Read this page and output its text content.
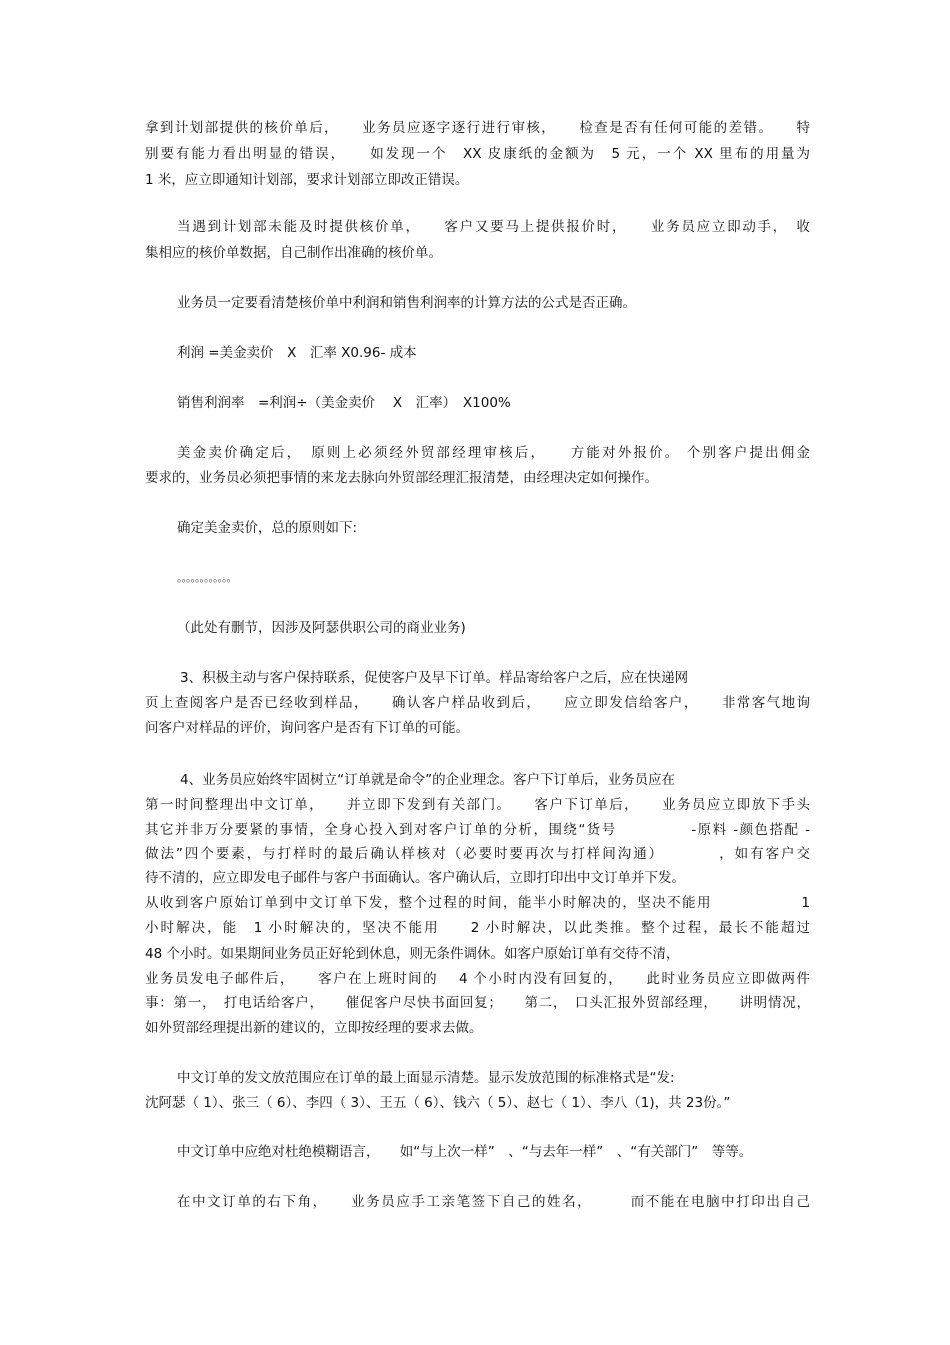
拿到计划部提供的核价单后，　　业务员应逐字逐行进行审核，　　检查是否有任何可能的差错。　　特
别要有能力看出明显的错误，　　如发现一个　XX 皮康纸的金额为　5 元，一个 XX 里布的用量为
1 米，应立即通知计划部，要求计划部立即改正错误。
当遇到计划部未能及时提供核价单，　　客户又要马上提供报价时，　　业务员应立即动手，　收
集相应的核价单数据，自己制作出准确的核价单。
业务员一定要看清楚核价单中利润和销售利润率的计算方法的公式是否正确。
利润 =美金卖价　X　汇率 X0.96- 成本
销售利润率　=利润÷（美金卖价　 X　汇率）　X100%
美金卖价确定后，　原则上必须经外贸部经理审核后，　　方能对外报价。 个别客户提出佣金
要求的，业务员必须把事情的来龙去脉向外贸部经理汇报清楚，由经理决定如何操作。
确定美金卖价，总的原则如下:
。。。。。。。。。。。。
（此处有删节，因涉及阿瑟供职公司的商业业务)
3、积极主动与客户保持联系，促使客户及早下订单。样品寄给客户之后，应在快递网
页上查阅客户是否已经收到样品，　　确认客户样品收到后，　　应立即发信给客户，　　非常客气地询
问客户对样品的评价，询问客户是否有下订单的可能。
4、业务员应始终牢固树立“订单就是命令”的企业理念。客户下订单后，业务员应在
第一时间整理出中文订单，　　并立即下发到有关部门。　　客户下订单后，　　业务员应立即放下手头
其它并非万分要紧的事情，全身心投入到对客户订单的分析，围绕“货号　　　　　-原料 -颜色搭配 -
做法”四个要素，与打样时的最后确认样核对（必要时要再次与打样间沟通）　　　　，如有客户交
待不清的，应立即发电子邮件与客户书面确认。客户确认后，立即打印出中文订单并下发。
从收到客户原始订单到中文订单下发，整个过程的时间，能半小时解决的，坚决不能用　　　　　　1
小时解决，能　1 小时解决的，坚决不能用　　2 小时解决，以此类推。整个过程，最长不能超过
48 个小时。如果期间业务员正好轮到休息，则无条件调休。如客户原始订单有交待不清，
业务员发电子邮件后，　　客户在上班时间的　 4 个小时内没有回复的，　　此时业务员应立即做两件
事：第一，　打电话给客户，　　催促客户尽快书面回复；　　第二，　口头汇报外贸部经理，　　讲明情况，
如外贸部经理提出新的建议的，立即按经理的要求去做。
中文订单的发文放范围应在订单的最上面显示清楚。显示发放范围的标准格式是“发:
沈阿瑟（ 1）、张三（ 6）、李四（ 3）、王五（ 6）、钱六（ 5）、赵七（ 1）、李八（1)，共 23份。”
中文订单中应绝对杜绝模糊语言，　　如“与上次一样”　、“与去年一样”　、“有关部门”　等等。
在中文订单的右下角，　　业务员应手工亲笔签下自己的姓名，　　　而不能在电脑中打印出自己
